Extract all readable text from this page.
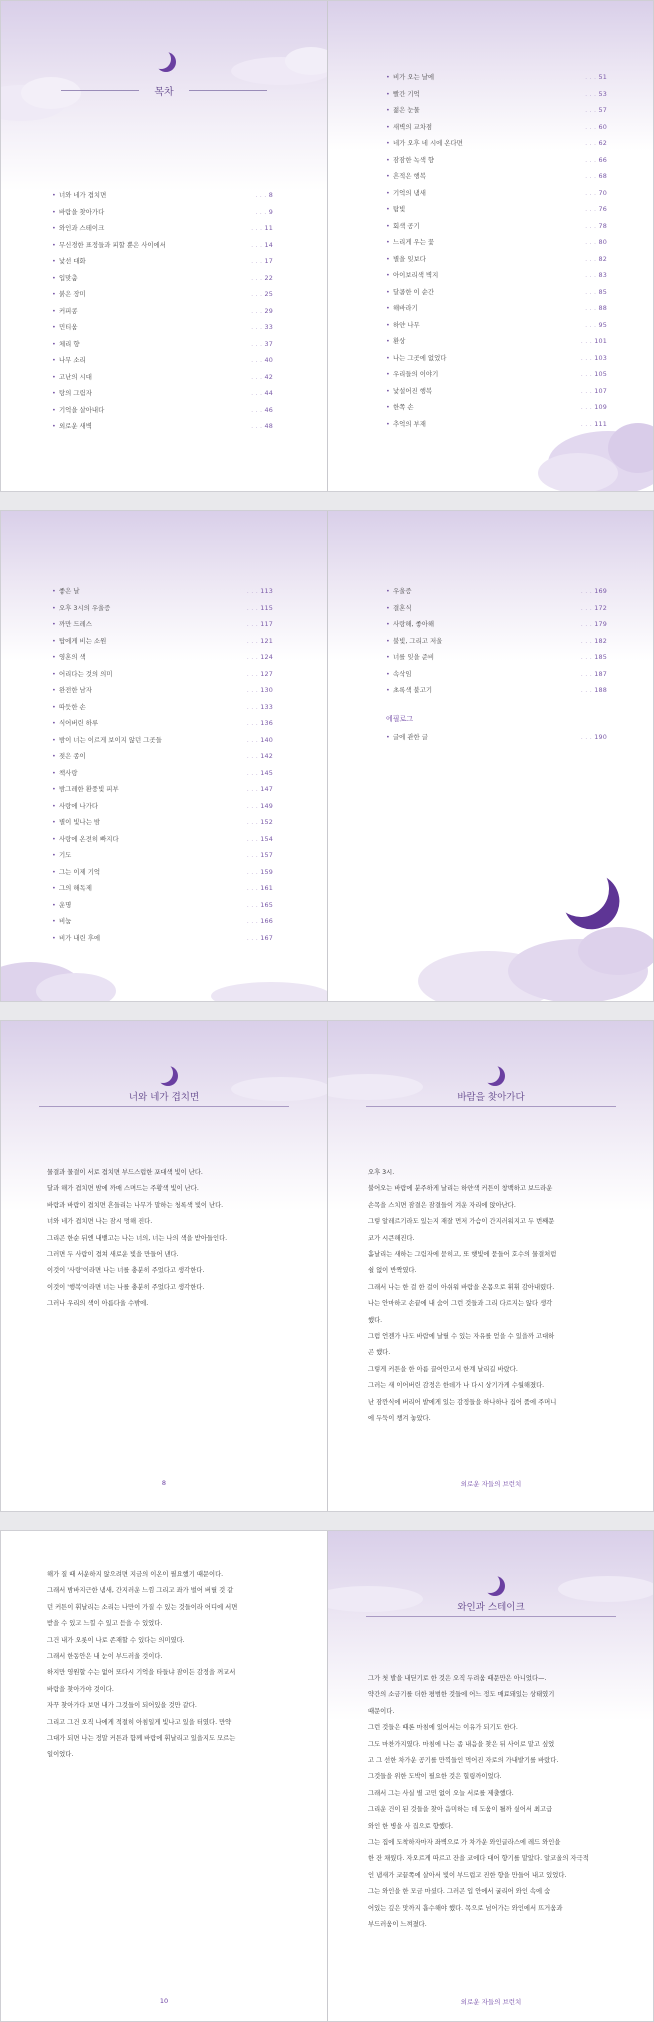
목차
• 너와 네가 겹치면	. . . 8
• 바람을 찾아가다	. . . 9
• 와인과 스테이크	. . . 11
• 무신경한 표정들과 피할 뿐은 사이에서	. . . 14
• 낯선 대화	. . . 17
• 입맞춤	. . . 22
• 붉은 장미	. . . 25
• 커피콩	. . . 29
• 민티움	. . . 33
• 체리 향	. . . 37
• 나무 소리	. . . 40
• 고난의 시대	. . . 42
• 탕의 그림자	. . . 44
• 기억을 살아내다	. . . 46
• 외로운 새벽	. . . 48
• 비가 오는 날에	. . . 51
• 빨간 기억	. . . 53
• 젊은 눈물	. . . 57
• 새벽의 교차점	. . . 60
• 네가 오후 네 시에 온다면	. . . 62
• 잠잠한 녹색 향	. . . 66
• 흔적은 행복	. . . 68
• 기억의 냄새	. . . 70
• 탐빛	. . . 76
• 회색 공기	. . . 78
• 느리게 우는 꽃	. . . 80
• 별을 잊보다	. . . 82
• 아이보리색 벽지	. . . 83
• 달콤한 이 순간	. . . 85
• 해바라기	. . . 88
• 하얀 나무	. . . 95
• 환상	. . . 101
• 나는 그곳에 없었다	. . . 103
• 우리들의 이야기	. . . 105
• 낯설어진 행복	. . . 107
• 한쪽 손	. . . 109
• 추억의 부재	. . . 111
• 좋은 날	. . . 113
• 오후 3시의 우울증	. . . 115
• 까만 드레스	. . . 117
• 탑에게 비는 소원	. . . 121
• 영혼의 색	. . . 124
• 어리다는 것의 의미	. . . 127
• 완전한 남자	. . . 130
• 따듯한 손	. . . 133
• 식어버린 하루	. . . 136
• 밤이 너는 이르게 보이지 않던 그곳들	. . . 140
• 젖은 종이	. . . 142
• 책사랑	. . . 145
• 밤그레한 환풍빛 피부	. . . 147
• 사랑에 나가다	. . . 149
• 별이 빛나는 밤	. . . 152
• 사랑에 온전히 빠지다	. . . 154
• 기도	. . . 157
• 그는 이제 기억	. . . 159
• 그의 해독제	. . . 161
• 운명	. . . 165
• 비눔	. . . 166
• 비가 내린 후에	. . . 167
• 우울증	. . . 169
• 결혼식	. . . 172
• 사랑해, 좋아해	. . . 179
• 불빛, 그리고 저울	. . . 182
• 너를 잊을 준비	. . . 185
• 속삭임	. . . 187
• 초록색 불고기	. . . 188
에필로그
• 글에 관한 글	. . . 190
너와 네가 겹치면

물결과 물결이 서로 겹치면 부드스럽한 포대색 빛이 난다.

달과 해가 겹치면 밤에 까매 스며드는 주황색 빛이 난다.

바람과 바람이 겹치면 흔들리는 나무가 말하는 청록색 빛이 난다.

너와 네가 겹치면 나는 잠시 멍해 진다.

그리곤 한순 뒤엔 내뱉고는 나는 너의, 너는 나의 색을 받아들인다.

그러면 두 사람이 겹쳐 새로운 빛을 만들어 낸다.

이것이 '사랑'이라면 나는 너를 충분히 주었다고 생각한다.

이것이 '행복'이라면 너는 나를 충분히 주었다고 생각한다.

그러나 우리의 색이 아름다울 수밖에.

8
바람을 찾아가다

오후 3시.

불어오는 바람에 분주하게 날리는 하얀색 커튼이 창백하고 보드라운

손목을 스치면 잠결은 잠결들이 겨운 자리에 앉아난다.

그렇 알레르기라도 있는지 재잘 먼저 가슴이 간지러워지고 두 번째문

코가 시큰해진다.

흩날리는 새하는 그림자에 묻히고, 또 햇빛에 묻들어 호수의 물결처럼

쉴 없이 반짝였다.

그래서 나는 한 걸 한 걸이 아쉬워 바람을 온몸으로 휘휘 감아내렸다.

나는 안마하고 손끝에 내 숨이 그런 것들과 그리 다르지는 않다 생각

했다.

그럼 언젠가 나도 바람에 날릴 수 있는 자유를 얻을 수 있을까 고대하

곤 했다.

그렇게 커튼을 한 아름 끌어안고서 한계 날리길 바랐다.

그러는 새 이어버린 감정은 한데가 나 다시 상기가게 수월해졌다.

난 잠깐식에 버리어 밭에게 있는 감정들을 하나하나 집어 품에 주머니

에 두둑이 챙겨 놓았다.

외로운 자들의 브런치

해가 질 때 서운하지 않으려면 지금의 이온이 필요했기 때문이다.

그래서 밤바지근한 냄새, 간지러운 느낌 그리고 좌가 벌어 버릴 것 같

던 커튼이 휘날리는 소리는 나만이 가질 수 있는 것들이라 어디에 서면

받을 수 있고 느낄 수 있고 듣을 수 있었다.

그건 내가 오롯이 나로 존재할 수 있다는 의미였다.

그래서 한동안은 내 눈이 부드러울 것이다.

하지만 영원할 수는 없어 또다시 기억을 타들냐 잠이든 감정을 꺼교서

바람을 찾아가야 것이다.

자꾸 찾아가다 보면 내가 그것들이 되어있을 것만 같다.

그리고 그건 오직 나에게 적절히 아침일게 빛나고 있을 터였다. 만약

그대가 되면 나는 정말 커튼과 함께 바람에 휘날리고 있을지도 모르는

일이었다.

10
와인과 스테이크

그가 첫 발을 내딛기로 한 것은 오직 두려움 때문만은 아니었다—.

약간의 소금기를 더한 평범한 것들에 어느 정도 매료돼있는 상태였기

때문이다.

그런 것들은 때론 마침에 있어서는 이유가 되기도 한다.

그도 마찬가지였다. 마침에 나는 좀 내음을 찾은 뒤 사이로 맡고 싶었

고 그 선한 차가운 공기를 만끽들인 먹어진 자로의 가내밭기를 바랐다.

그것들을 위한 도박이 필요한 것은 힐링까이었다.

그래서 그는 사실 별 고민 없이 오늘 서로를 제출했다.

그리운 건이 된 것들을 찾아 음미하는 데 도움이 될까 싶어서 최고급

와인 한 병을 사 집으로 향했다.

그는 집에 도착하자마자 좌벽으로 가 차가운 와인글라스에 레드 와인을

한 잔 채웠다. 자오르게 따르고 잔을 코에다 대어 향기를 맡았다. 알코올의 자극적

인 냄새가 코끝쪽에 살아서 빛이 부드럽고 진한 향을 만들어 내고 있었다.

그는 와인을 한 모금 마셨다. 그러곤 입 안에서 굴리어 와인 속에 숨

어있는 깊은 맛까지 흡수해야 했다. 목으로 넘어가는 와인에서 뜨거움과

부드러움이 느껴졌다.

외로운 자들의 브런치
